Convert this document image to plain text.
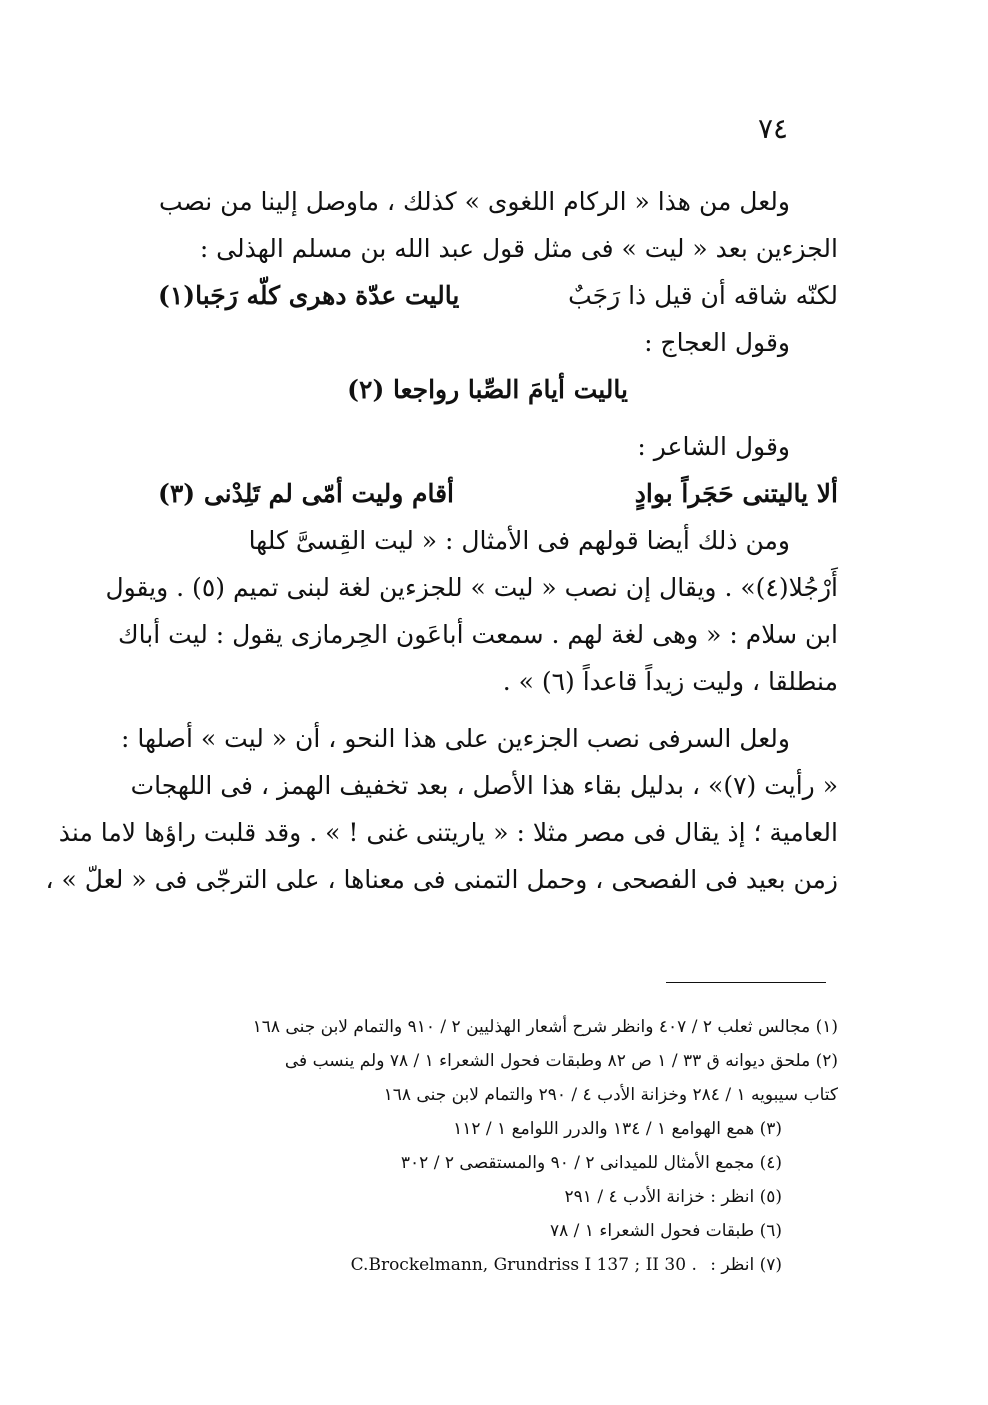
٧٤
ولعل من هذا « الركام اللغوى » كذلك ، ماوصل إلينا من نصب
الجزءين بعد « ليت » فى مثل قول عبد الله بن مسلم الهذلى :
لكنّه شاقه أن قيل ذا رَجَبٌ
ياليت عدّة دهرى كلّه رَجَبا(١)
وقول العجاج :
ياليت أيامَ الصِّبا رواجعا (٢)
وقول الشاعر :
ألا ياليتنى حَجَراً بوادٍ
أقام وليت أمّى لم تَلِدْنى (٣)
ومن ذلك أيضا قولهم فى الأمثال : « ليت القِسىَّ كلها
أَرْجُلا(٤)» . ويقال إن نصب « ليت » للجزءين لغة لبنى تميم (٥) . ويقول
ابن سلام : « وهى لغة لهم . سمعت أباعَون الحِرمازى يقول : ليت أباك
منطلقا ، وليت زيداً قاعداً (٦) » .
ولعل السرفى نصب الجزءين على هذا النحو ، أن « ليت » أصلها :
« رأيت (٧)» ، بدليل بقاء هذا الأصل ، بعد تخفيف الهمز ، فى اللهجات
العامية ؛ إذ يقال فى مصر مثلا : « ياريتنى غنى ! » . وقد قلبت راؤها لاما منذ
زمن بعيد فى الفصحى ، وحمل التمنى فى معناها ، على الترجّى فى « لعلّ » ،
(١) مجالس ثعلب ٢ / ٤٠٧ وانظر شرح أشعار الهذليين ٢ / ٩١٠ والتمام لابن جنى ١٦٨
(٢) ملحق ديوانه ق ٣٣ / ١ ص ٨٢ وطبقات فحول الشعراء ١ / ٧٨ ولم ينسب فى
كتاب سيبويه ١ / ٢٨٤ وخزانة الأدب ٤ / ٢٩٠ والتمام لابن جنى ١٦٨
(٣) همع الهوامع ١ / ١٣٤ والدرر اللوامع ١ / ١١٢
(٤) مجمع الأمثال للميدانى ٢ / ٩٠ والمستقصى ٢ / ٣٠٢
(٥) انظر : خزانة الأدب ٤ / ٢٩١
(٦) طبقات فحول الشعراء ١ / ٧٨
(٧) انظر : C.Brockelmann, Grundriss I 137 ; II 30 .
